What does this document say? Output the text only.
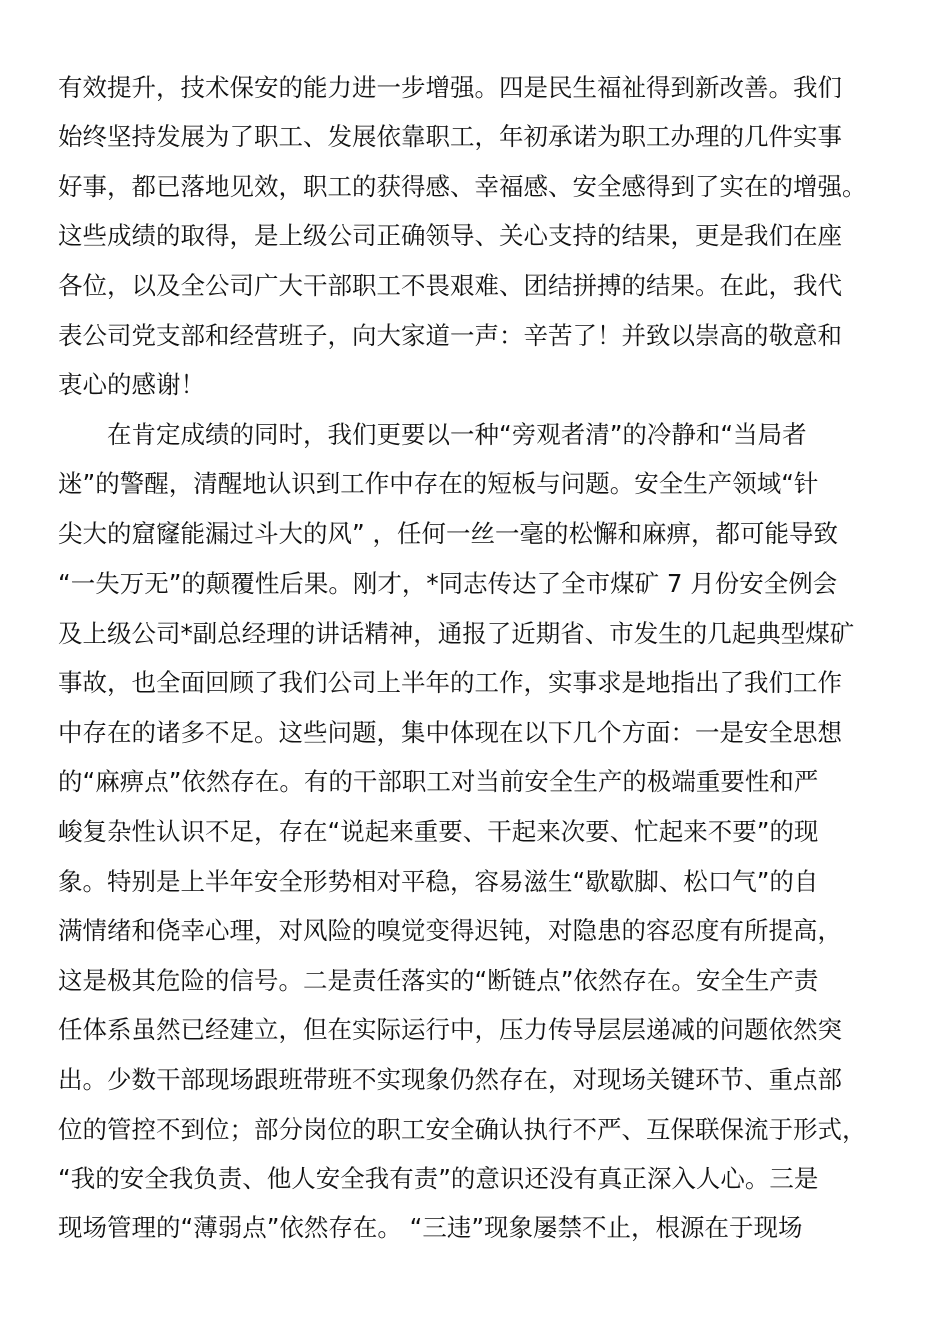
有效提升，技术保安的能力进一步增强。四是民生福祉得到新改善。我们
始终坚持发展为了职工、发展依靠职工，年初承诺为职工办理的几件实事
好事，都已落地见效，职工的获得感、幸福感、安全感得到了实在的增强。
这些成绩的取得，是上级公司正确领导、关心支持的结果，更是我们在座
各位，以及全公司广大干部职工不畏艰难、团结拼搏的结果。在此，我代
表公司党支部和经营班子，向大家道一声：辛苦了！并致以崇高的敬意和
衷心的感谢！
在肯定成绩的同时，我们更要以一种“旁观者清”的冷静和“当局者
迷”的警醒，清醒地认识到工作中存在的短板与问题。安全生产领域“针
尖大的窟窿能漏过斗大的风” ，任何一丝一毫的松懈和麻痹，都可能导致
“一失万无”的颠覆性后果。刚才，*同志传达了全市煤矿 7 月份安全例会
及上级公司*副总经理的讲话精神，通报了近期省、市发生的几起典型煤矿
事故，也全面回顾了我们公司上半年的工作，实事求是地指出了我们工作
中存在的诸多不足。这些问题，集中体现在以下几个方面：一是安全思想
的“麻痹点”依然存在。有的干部职工对当前安全生产的极端重要性和严
峻复杂性认识不足，存在“说起来重要、干起来次要、忙起来不要”的现
象。特别是上半年安全形势相对平稳，容易滋生“歇歇脚、松口气”的自
满情绪和侥幸心理，对风险的嗅觉变得迟钝，对隐患的容忍度有所提高，
这是极其危险的信号。二是责任落实的“断链点”依然存在。安全生产责
任体系虽然已经建立，但在实际运行中，压力传导层层递减的问题依然突
出。少数干部现场跟班带班不实现象仍然存在，对现场关键环节、重点部
位的管控不到位；部分岗位的职工安全确认执行不严、互保联保流于形式，
“我的安全我负责、他人安全我有责”的意识还没有真正深入人心。三是
现场管理的“薄弱点”依然存在。 “三违”现象屡禁不止，根源在于现场
